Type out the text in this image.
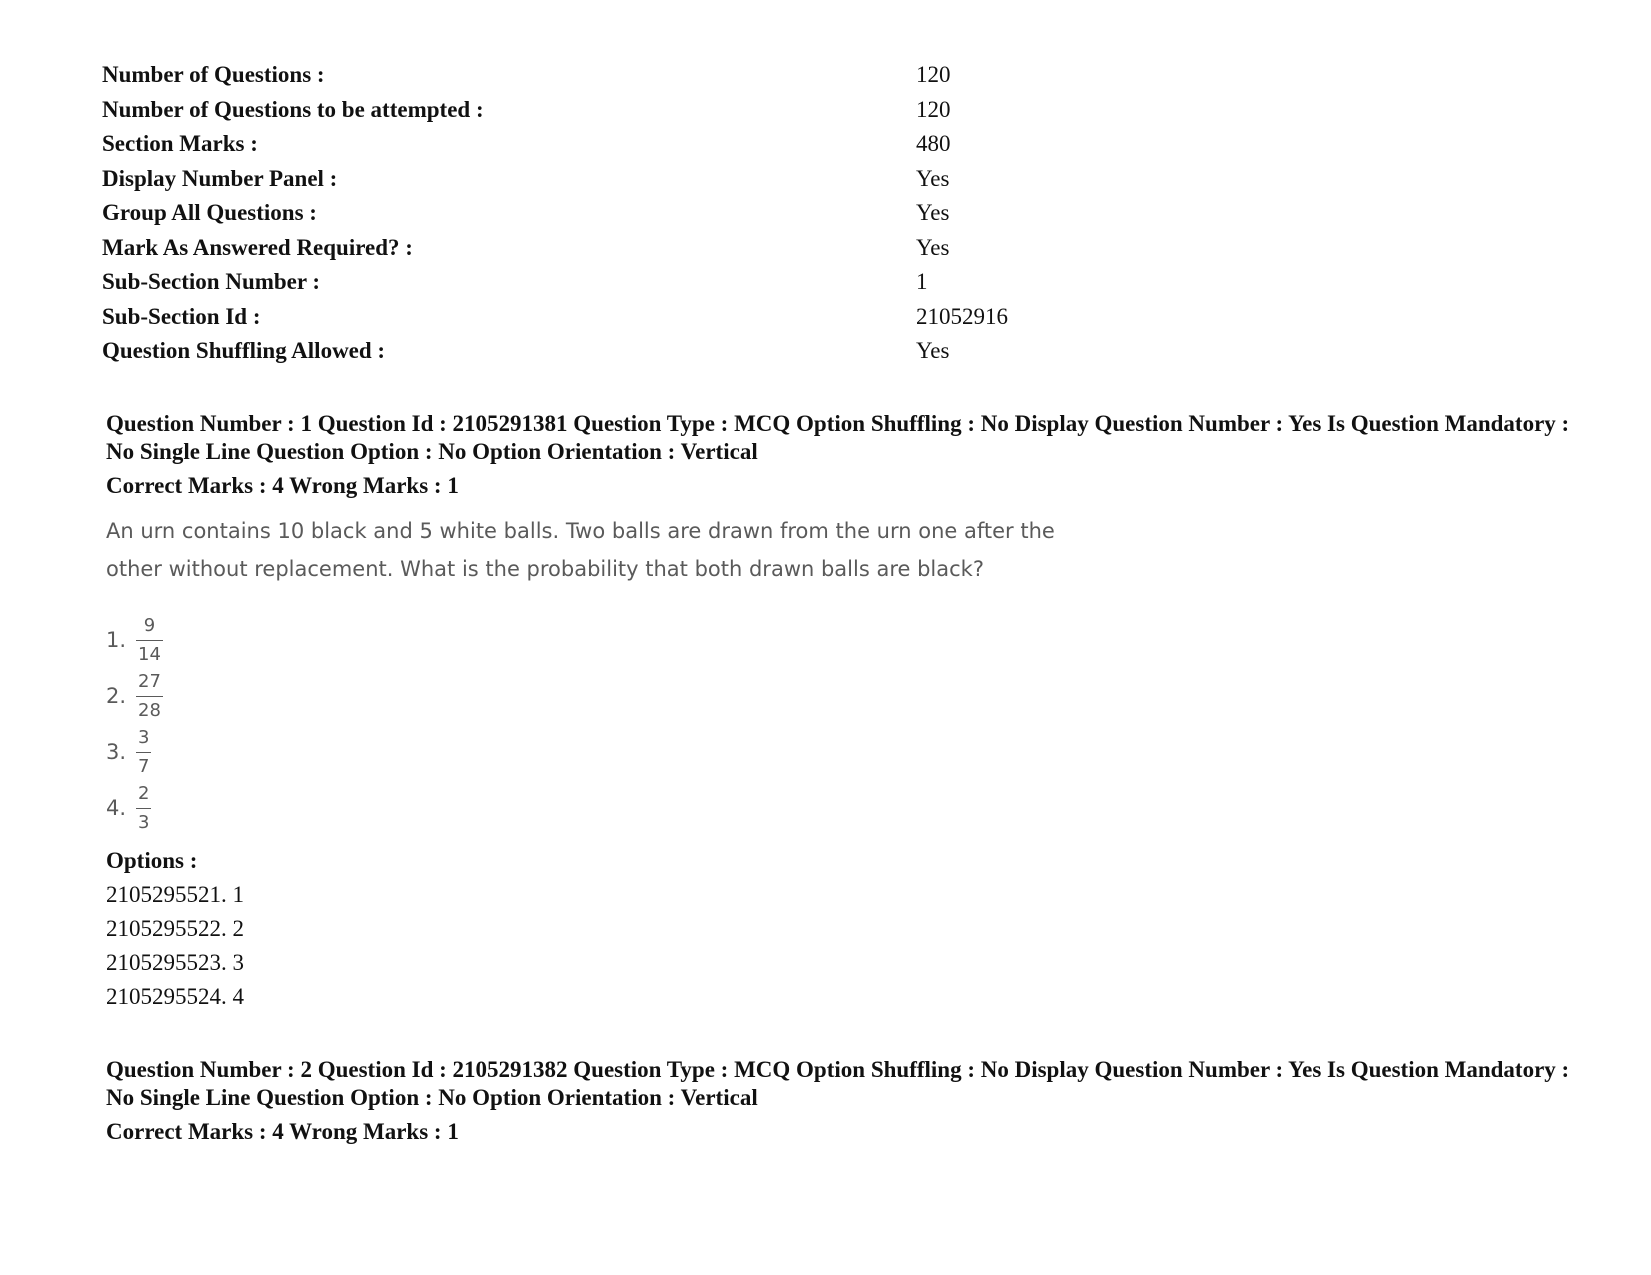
Number of Questions :	120
Number of Questions to be attempted :	120
Section Marks :	480
Display Number Panel :	Yes
Group All Questions :	Yes
Mark As Answered Required? :	Yes
Sub-Section Number :	1
Sub-Section Id :	21052916
Question Shuffling Allowed :	Yes

Question Number : 1 Question Id : 2105291381 Question Type : MCQ Option Shuffling : No Display Question Number : Yes Is Question Mandatory : No Single Line Question Option : No Option Orientation : Vertical

Correct Marks : 4 Wrong Marks : 1
An urn contains 10 black and 5 white balls. Two balls are drawn from the urn one after the other without replacement. What is the probability that both drawn balls are black?
1. $\frac{9}{14}$
2. $\frac{27}{28}$
3. $\frac{3}{7}$
4. $\frac{2}{3}$
Options :
2105295521. 1
2105295522. 2
2105295523. 3
2105295524. 4

Question Number : 2 Question Id : 2105291382 Question Type : MCQ Option Shuffling : No Display Question Number : Yes Is Question Mandatory : No Single Line Question Option : No Option Orientation : Vertical

Correct Marks : 4 Wrong Marks : 1
